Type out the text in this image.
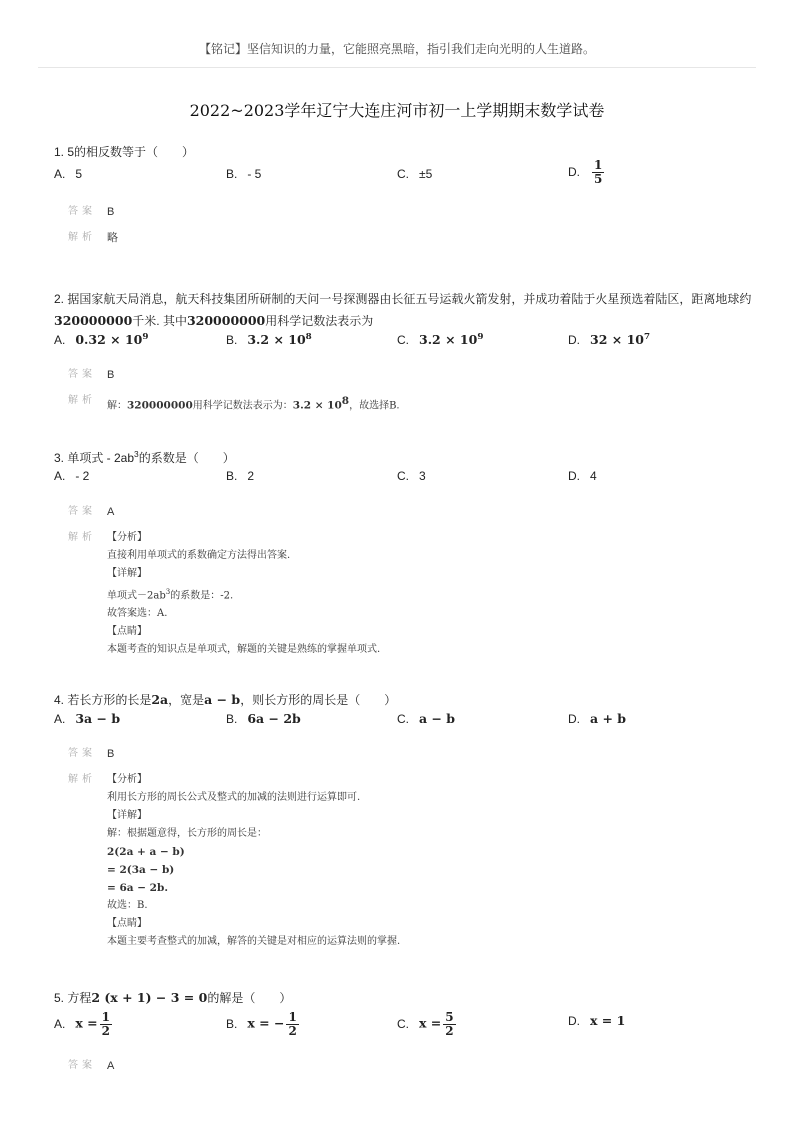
【铭记】坚信知识的力量，它能照亮黑暗，指引我们走向光明的人生道路。
2022~2023学年辽宁大连庄河市初一上学期期末数学试卷
1. 5的相反数等于（　　）
A. 5	B. - 5	C. ±5	D. $\frac{1}{5}$
答案 B
解析 略
2. 据国家航天局消息，航天科技集团所研制的天问一号探测器由长征五号运载火箭发射，并成功着陆于火星预选着陆区，距离地球约
320000000千米. 其中320000000用科学记数法表示为
A. $0.32 \times 10^9$	B. $3.2 \times 10^8$	C. $3.2 \times 10^9$	D. $32 \times 10^7$
答案 B
解析 解：320000000用科学记数法表示为：$3.2 \times 10^8$，故选择B.
3. 单项式 - $2ab^3$的系数是（　　）
A. - 2	B. 2	C. 3	D. 4
答案 A
解析 【分析】
直接利用单项式的系数确定方法得出答案.
【详解】
单项式$-2ab^3$的系数是：-2.
故答案选：A.
【点睛】
本题考查的知识点是单项式，解题的关键是熟练的掌握单项式.
4. 若长方形的长是2a，宽是a − b，则长方形的周长是（　　）
A. 3a − b	B. 6a − 2b	C. a − b	D. a + b
答案 B
解析 【分析】
利用长方形的周长公式及整式的加减的法则进行运算即可.
【详解】
解：根据题意得，长方形的周长是：
2(2a + a − b)
= 2(3a − b)
= 6a − 2b.
故选：B.
【点睛】
本题主要考查整式的加减，解答的关键是对相应的运算法则的掌握.
5. 方程2 (x + 1) − 3 = 0的解是（　　）
A. $x = \frac{1}{2}$	B. x = − $\frac{1}{2}$	C. $x = \frac{5}{2}$	D. x = 1
答案 A
